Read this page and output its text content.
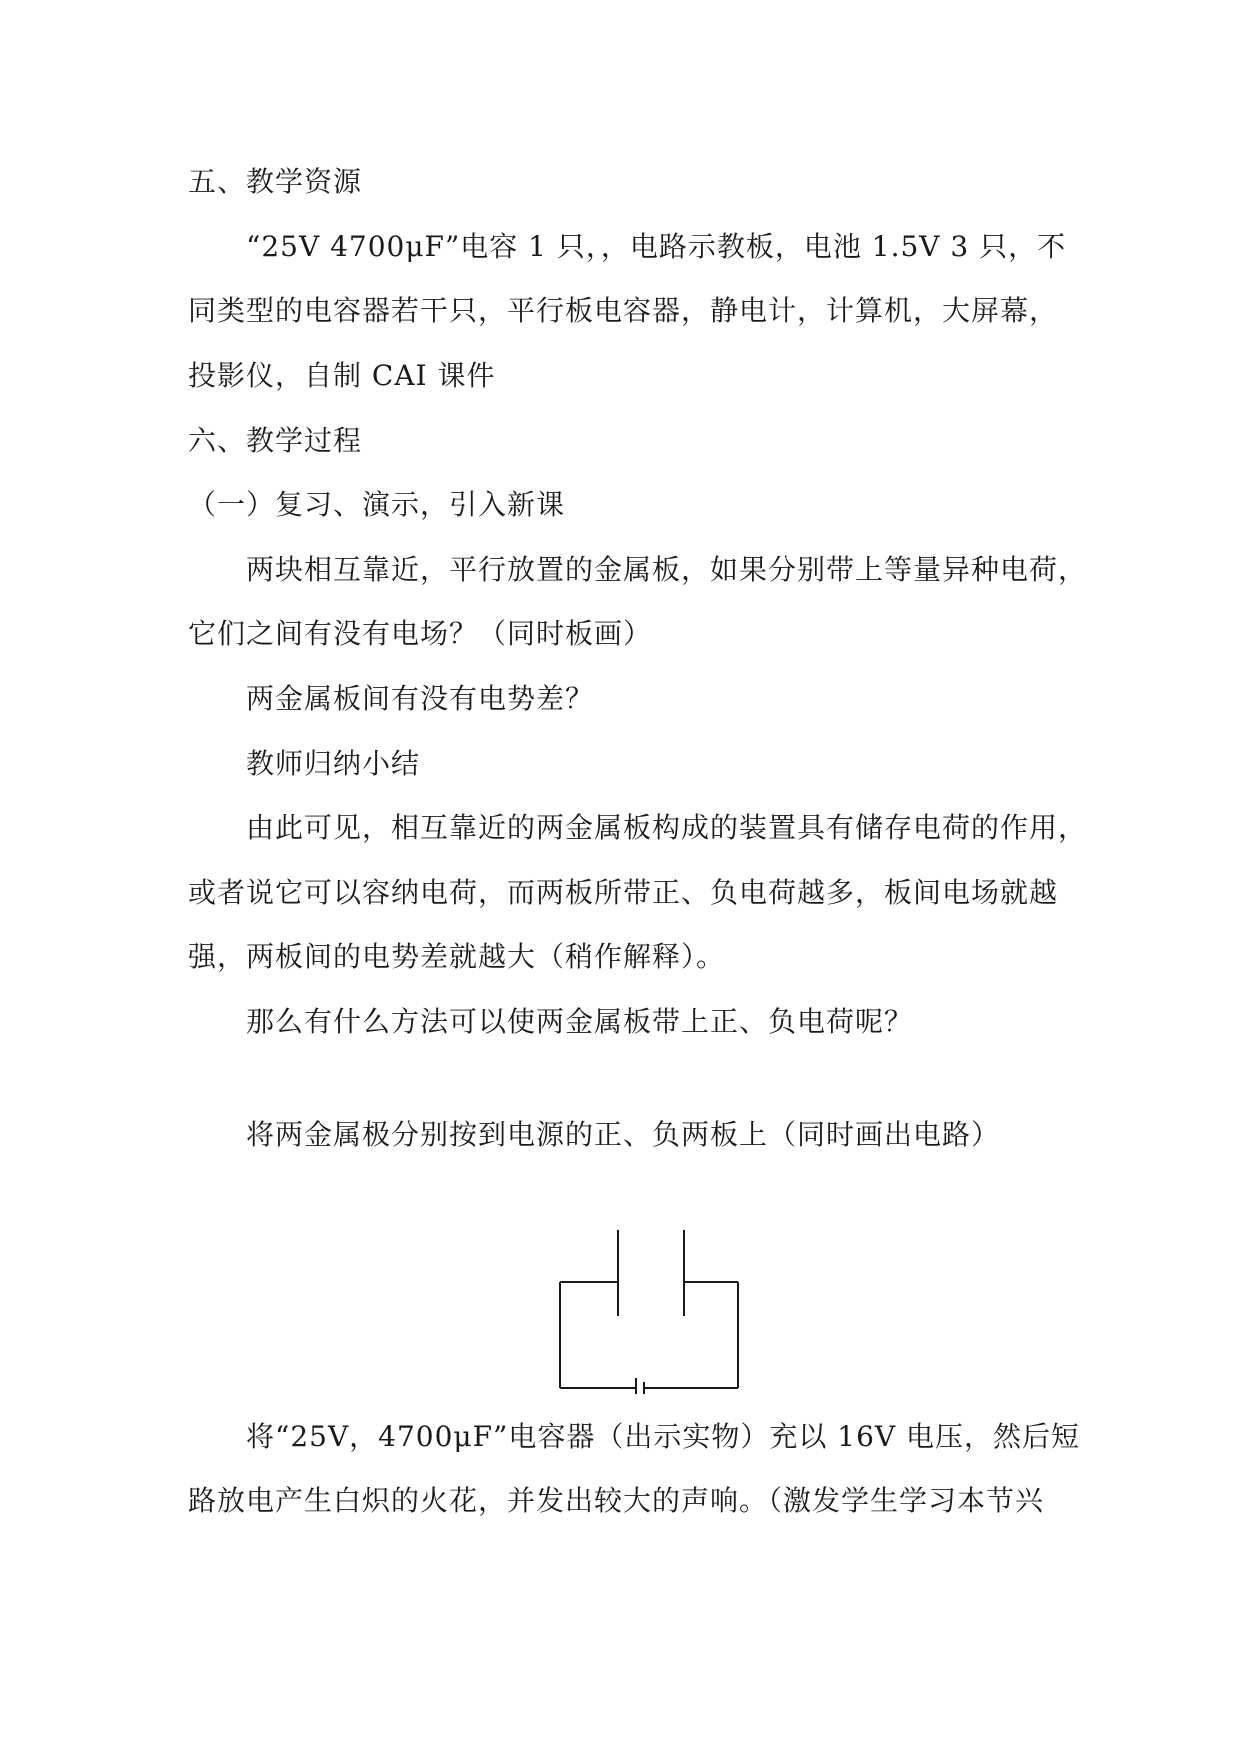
五、教学资源
“25V 4700μF”电容 1 只，，电路示教板，电池 1.5V 3 只，不
同类型的电容器若干只，平行板电容器，静电计，计算机，大屏幕，
投影仪，自制 CAI 课件
六、教学过程
（一）复习、演示，引入新课
两块相互靠近，平行放置的金属板，如果分别带上等量异种电荷，
它们之间有没有电场？（同时板画）
两金属板间有没有电势差？
教师归纳小结
由此可见，相互靠近的两金属板构成的装置具有储存电荷的作用，
或者说它可以容纳电荷，而两板所带正、负电荷越多，板间电场就越
强，两板间的电势差就越大（稍作解释）。
那么有什么方法可以使两金属板带上正、负电荷呢？
将两金属极分别按到电源的正、负两板上（同时画出电路）
将“25V，4700μF”电容器（出示实物）充以 16V 电压，然后短
路放电产生白炽的火花，并发出较大的声响。（激发学生学习本节兴
